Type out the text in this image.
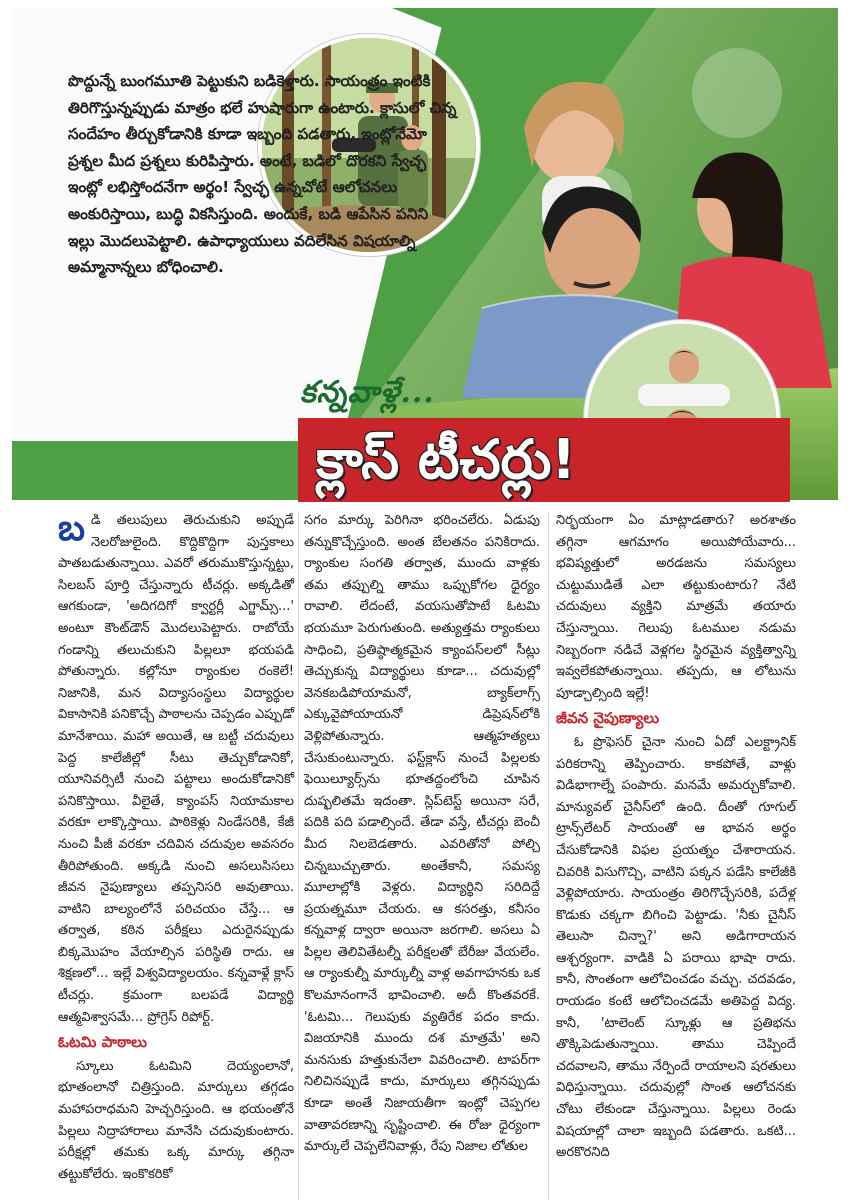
పొద్దున్నే బుంగమూతి పెట్టుకుని బడికెళ్తారు. సాయంత్రం ఇంటికి తిరిగొస్తున్నప్పుడు మాత్రం భలే హుషారుగా ఉంటారు. క్లాసులో చిన్న సందేహం తీర్చుకోడానికి కూడా ఇబ్బంది పడతారు. ఇంట్లోనేమో ప్రశ్నల మీద ప్రశ్నలు కురిపిస్తారు. అంటే, బడిలో దొరకని స్వేచ్ఛ ఇంట్లో లభిస్తోందనేగా అర్థం! స్వేచ్ఛ ఉన్నచోటే ఆలోచనలు అంకురిస్తాయి, బుద్ధి వికసిస్తుంది. అందుకే, బడి ఆపేసిన పనిని ఇల్లు మొదలుపెట్టాలి. ఉపాధ్యాయులు వదిలేసిన విషయాల్ని అమ్మానాన్నలు బోధించాలి.

కన్నవాళ్లే...
క్లాస్ టీచర్లు!

బడి తలుపులు తెరుచుకుని అప్పుడే నెలరోజులైంది. కొద్దికొద్దిగా పుస్తకాలు పాతబడుతున్నాయి. ఎవరో తరుముకొస్తున్నట్టు, సిలబస్ పూర్తి చేస్తున్నారు టీచర్లు. అక్కడితో ఆగకుండా, 'అదిగదిగో క్వార్టర్లీ ఎగ్జామ్స్...' అంటూ కౌంట్‌డౌన్ మొదలుపెట్టారు. రాబోయే గండాన్ని తలుచుకుని పిల్లలూ భయపడి పోతున్నారు. కల్లోనూ ర్యాంకుల రంకెలే! నిజానికి, మన విద్యాసంస్థలు విద్యార్థుల వికాసానికి పనికొచ్చే పాఠాలను చెప్పడం ఎప్పుడో మానేశాయి. మహా అయితే, ఆ బట్టీ చదువులు పెద్ద కాలేజీల్లో సీటు తెచ్చుకోడానికో, యూనివర్సిటీ నుంచి పట్టాలు అందుకోడానికో పనికొస్తాయి. వీలైతే, క్యాంపస్ నియామకాల వరకూ లాక్కొస్తాయి. పాఠికెళ్లు నిండేసరికి, కేజీ నుంచి పీజీ వరకూ చదివిన చదువుల అవసరం తీరిపోతుంది. అక్కడి నుంచి అసలుసిసలు జీవన నైపుణ్యాలు తప్పనిసరి అవుతాయి. వాటిని బాల్యంలోనే పరిచయం చేస్తే... ఆ తర్వాత, కఠిన పరీక్షలు ఎదురైనప్పుడు బిక్కమొహం వేయాల్సిన పరిస్థితి రాదు. ఆ శిక్షణలో... ఇల్లే విశ్వవిద్యాలయం. కన్నవాళ్లే క్లాస్ టీచర్లు. క్రమంగా బలపడే విద్యార్థి ఆత్మవిశ్వాసమే... ప్రోగ్రెస్ రిపోర్ట్.

ఓటమి పాఠాలు

స్కూలు ఓటమిని దెయ్యంలానో, భూతంలానో చిత్రిస్తుంది. మార్కులు తగ్గడం మహాపరాధమని హెచ్చరిస్తుంది. ఆ భయంతోనే పిల్లలు నిద్రాహారాలు మానేసి చదువుకుంటారు. పరీక్షల్లో తమకు ఒక్క మార్కు తగ్గినా తట్టుకోలేరు. ఇంకొకరికో

సగం మార్కు పెరిగినా భరించలేరు. ఏడుపు తన్నుకొచ్చేస్తుంది. అంత బేలతనం పనికిరాదు. ర్యాంకుల సంగతి తర్వాత, ముందు వాళ్లకు తమ తప్పుల్ని తాము ఒప్పుకోగల ధైర్యం రావాలి. లేదంటే, వయసుతోపాటే ఓటమి భయమూ పెరుగుతుంది. అత్యుత్తమ ర్యాంకులు సాధించి, ప్రతిష్ఠాత్మకమైన క్యాంపస్‌లలో సీట్లు తెచ్చుకున్న విద్యార్థులు కూడా... చదువుల్లో వెనకబడిపోయామనో, బ్యాక్‌లాగ్స్ ఎక్కువైపోయాయనో డిప్రెషన్‌లోకి వెళ్లిపోతున్నారు. ఆత్మహత్యలు చేసుకుంటున్నారు. ఫస్ట్‌క్లాస్ నుంచే పిల్లలకు ఫెయిల్యూర్స్‌ను భూతద్దంలోంచి చూపిన దుష్ఫలితమే ఇదంతా. స్లిప్‌టెస్ట్ అయినా సరే, పదికి పది పడాల్సిందే. తేడా వస్తే, టీచర్లు బెంచీ మీద నిలబెడతారు. ఎవరితోనో పోల్చి చిన్నబుచ్చుతారు. అంతేకానీ, సమస్య మూలాల్లోకి వెళ్లరు. విద్యార్థిని సరిదిద్దే ప్రయత్నమూ చేయరు. ఆ కసరత్తు, కనీసం కన్నవాళ్ల ద్వారా అయినా జరగాలి. అసలు ఏ పిల్లల తెలివితేటల్నీ పరీక్షలతో బేరీజు వేయలేం. ఆ ర్యాంకుల్నీ మార్కుల్నీ వాళ్ల అవగాహనకు ఒక కొలమానంగానే భావించాలి. అదీ కొంతవరకే. 'ఓటమి... గెలుపుకు వ్యతిరేక పదం కాదు. విజయానికి ముందు దశ మాత్రమే' అని మనసుకు హత్తుకునేలా వివరించాలి. టాపర్‌గా నిలిచినప్పుడే కాదు, మార్కులు తగ్గినప్పుడు కూడా అంతే నిజాయతీగా ఇంట్లో చెప్పగల వాతావరణాన్ని సృష్టించాలి. ఈ రోజు ధైర్యంగా మార్కులే చెప్పలేనివాళ్లు, రేపు నిజాల లోతుల

నిర్భయంగా ఏం మాట్లాడతారు? అరశాతం తగ్గినా ఆగమాగం అయిపోయేవారు... భవిష్యత్తులో అరడజను సమస్యలు చుట్టుముడితే ఎలా తట్టుకుంటారు? నేటి చదువులు వ్యక్తిని మాత్రమే తయారు చేస్తున్నాయి. గెలుపు ఓటముల నడుమ నిబ్బరంగా నడిచే వెళ్లగల స్థిరమైన వ్యక్తిత్వాన్ని ఇవ్వలేకపోతున్నాయి. తప్పదు, ఆ లోటును పూడ్చాల్సింది ఇల్లే!

జీవన నైపుణ్యాలు

ఓ ప్రొఫెసర్ చైనా నుంచి ఏదో ఎలక్ట్రానిక్ పరికరాన్ని తెప్పించారు. కాకపోతే, వాళ్లు విడిభాగాల్నే పంపారు. మనమే అమర్చుకోవాలి. మాన్యువల్ చైనీస్‌లో ఉంది. దీంతో గూగుల్ ట్రాన్స్‌లేటర్ సాయంతో ఆ భావన అర్థం చేసుకోడానికి విఫల ప్రయత్నం చేశారాయన. చివరికి విసుగొచ్చి, వాటిని పక్కన పడేసి కాలేజీకి వెళ్లిపోయారు. సాయంత్రం తిరిగొచ్చేసరికి, పదేళ్ల కొడుకు చక్కగా బిగించి పెట్టాడు. 'నీకు చైనీస్ తెలుసా చిన్నా?' అని అడిగారాయన ఆశ్చర్యంగా. వాడికి ఏ పరాయి భాషా రాదు. కానీ, సొంతంగా ఆలోచించడం వచ్చు. చదవడం, రాయడం కంటే ఆలోచించడమే అతిపెద్ద విద్య. కానీ, 'టాలెంట్ స్కూళ్లు ఆ ప్రతిభను తొక్కిపెడుతున్నాయి. తాము చెప్పిందే చదవాలని, తాము నేర్పిందే రాయాలని షరతులు విధిస్తున్నాయి. చదువుల్లో సొంత ఆలోచనకు చోటు లేకుండా చేస్తున్నాయి. పిల్లలు రెండు విషయాల్లో చాలా ఇబ్బంది పడతారు. ఒకటి... అరకొరనిది
